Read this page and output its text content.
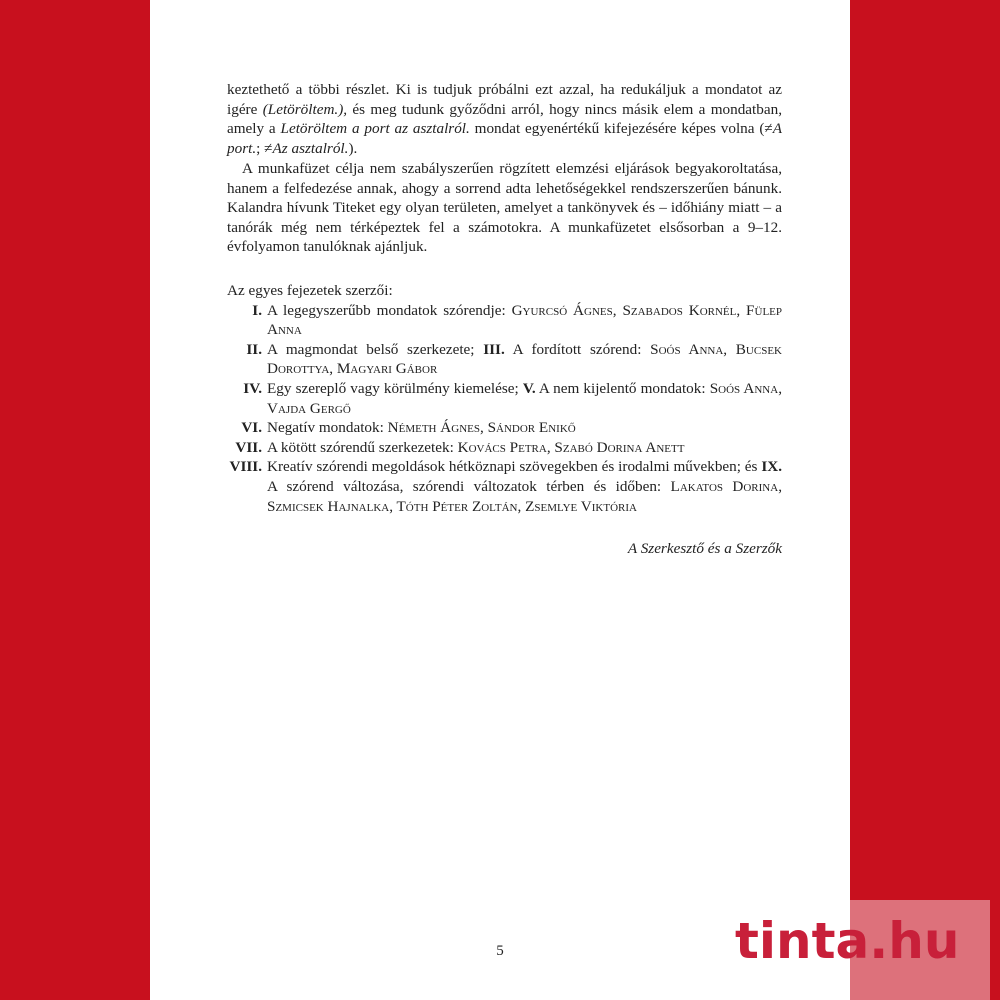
keztethető a többi részlet. Ki is tudjuk próbálni ezt azzal, ha redukáljuk a mondatot az igére (Letöröltem.), és meg tudunk győződni arról, hogy nincs másik elem a mondatban, amely a Letöröltem a port az asztalról. mondat egyenértékű kifejezésére képes volna (≠A port.; ≠Az asztalról.).
A munkafüzet célja nem szabályszerűen rögzített elemzési eljárások begyakoroltatása, hanem a felfedezése annak, ahogy a sorrend adta lehetőségekkel rendszerszerűen bánunk. Kalandra hívunk Titeket egy olyan területen, amelyet a tankönyvek és – időhiány miatt – a tanórák még nem térképeztek fel a számotokra. A munkafüzetet elsősorban a 9–12. évfolyamon tanulóknak ajánljuk.
Az egyes fejezetek szerzői:
I. A legegyszerűbb mondatok szórendje: Gyurcsó Ágnes, Szabados Kornél, Fülep Anna
II. A magmondat belső szerkezete; III. A fordított szórend: Soós Anna, Bucsek Dorottya, Magyari Gábor
IV. Egy szereplő vagy körülmény kiemelése; V. A nem kijelentő mondatok: Soós Anna, Vajda Gergő
VI. Negatív mondatok: Németh Ágnes, Sándor Enikő
VII. A kötött szórendű szerkezetek: Kovács Petra, Szabó Dorina Anett
VIII. Kreatív szórendi megoldások hétköznapi szövegekben és irodalmi művekben; és IX. A szórend változása, szórendi változatok térben és időben: Lakatos Dorina, Szmicsek Hajnalka, Tóth Péter Zoltán, Zsemlye Viktória
A Szerkesztő és a Szerzők
5	tinta.hu
